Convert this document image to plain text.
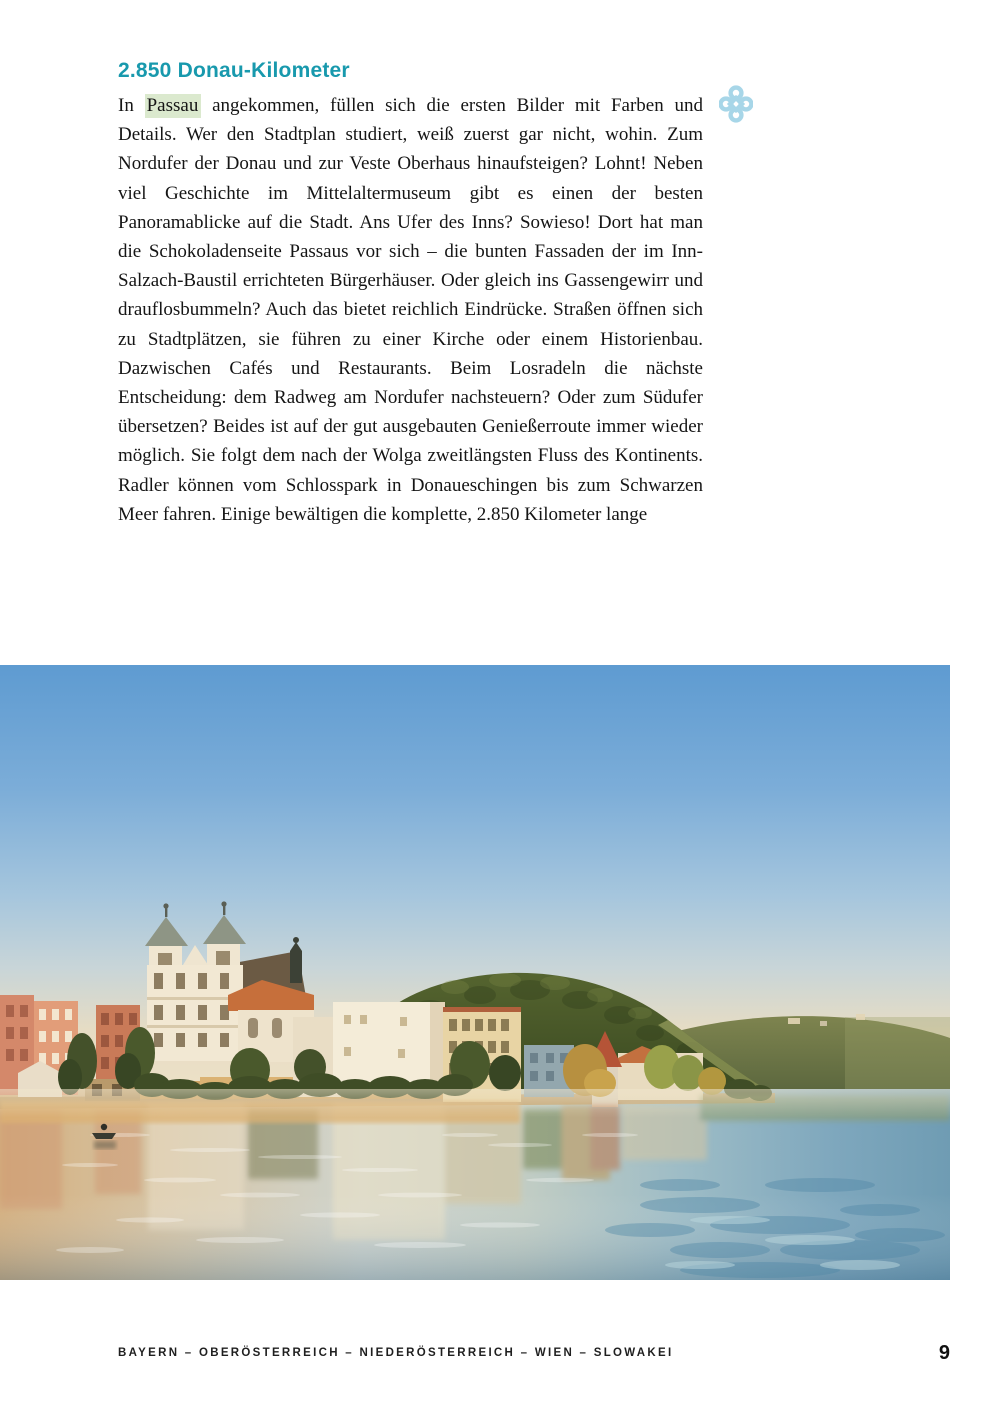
2.850 Donau-Kilometer

In Passau angekommen, füllen sich die ersten Bilder mit Farben und Details. Wer den Stadtplan studiert, weiß zuerst gar nicht, wohin. Zum Nordufer der Donau und zur Veste Oberhaus hinaufsteigen? Lohnt! Neben viel Geschichte im Mittelaltermuseum gibt es einen der besten Panoramablicke auf die Stadt. Ans Ufer des Inns? Sowieso! Dort hat man die Schokoladenseite Passaus vor sich – die bunten Fassaden der im Inn-Salzach-Baustil errichteten Bürgerhäuser. Oder gleich ins Gassengewirr und drauflosbummeln? Auch das bietet reichlich Eindrücke. Straßen öffnen sich zu Stadtplätzen, sie führen zu einer Kirche oder einem Historienbau. Dazwischen Cafés und Restaurants. Beim Losradeln die nächste Entscheidung: dem Radweg am Nordufer nachsteuern? Oder zum Südufer übersetzen? Beides ist auf der gut ausgebauten Genießerroute immer wieder möglich. Sie folgt dem nach der Wolga zweitlängsten Fluss des Kontinents. Radler können vom Schlosspark in Donaueschingen bis zum Schwarzen Meer fahren. Einige bewältigen die komplette, 2.850 Kilometer lange

BAYERN – OBERÖSTERREICH – NIEDERÖSTERREICH – WIEN – SLOWAKEI	9
